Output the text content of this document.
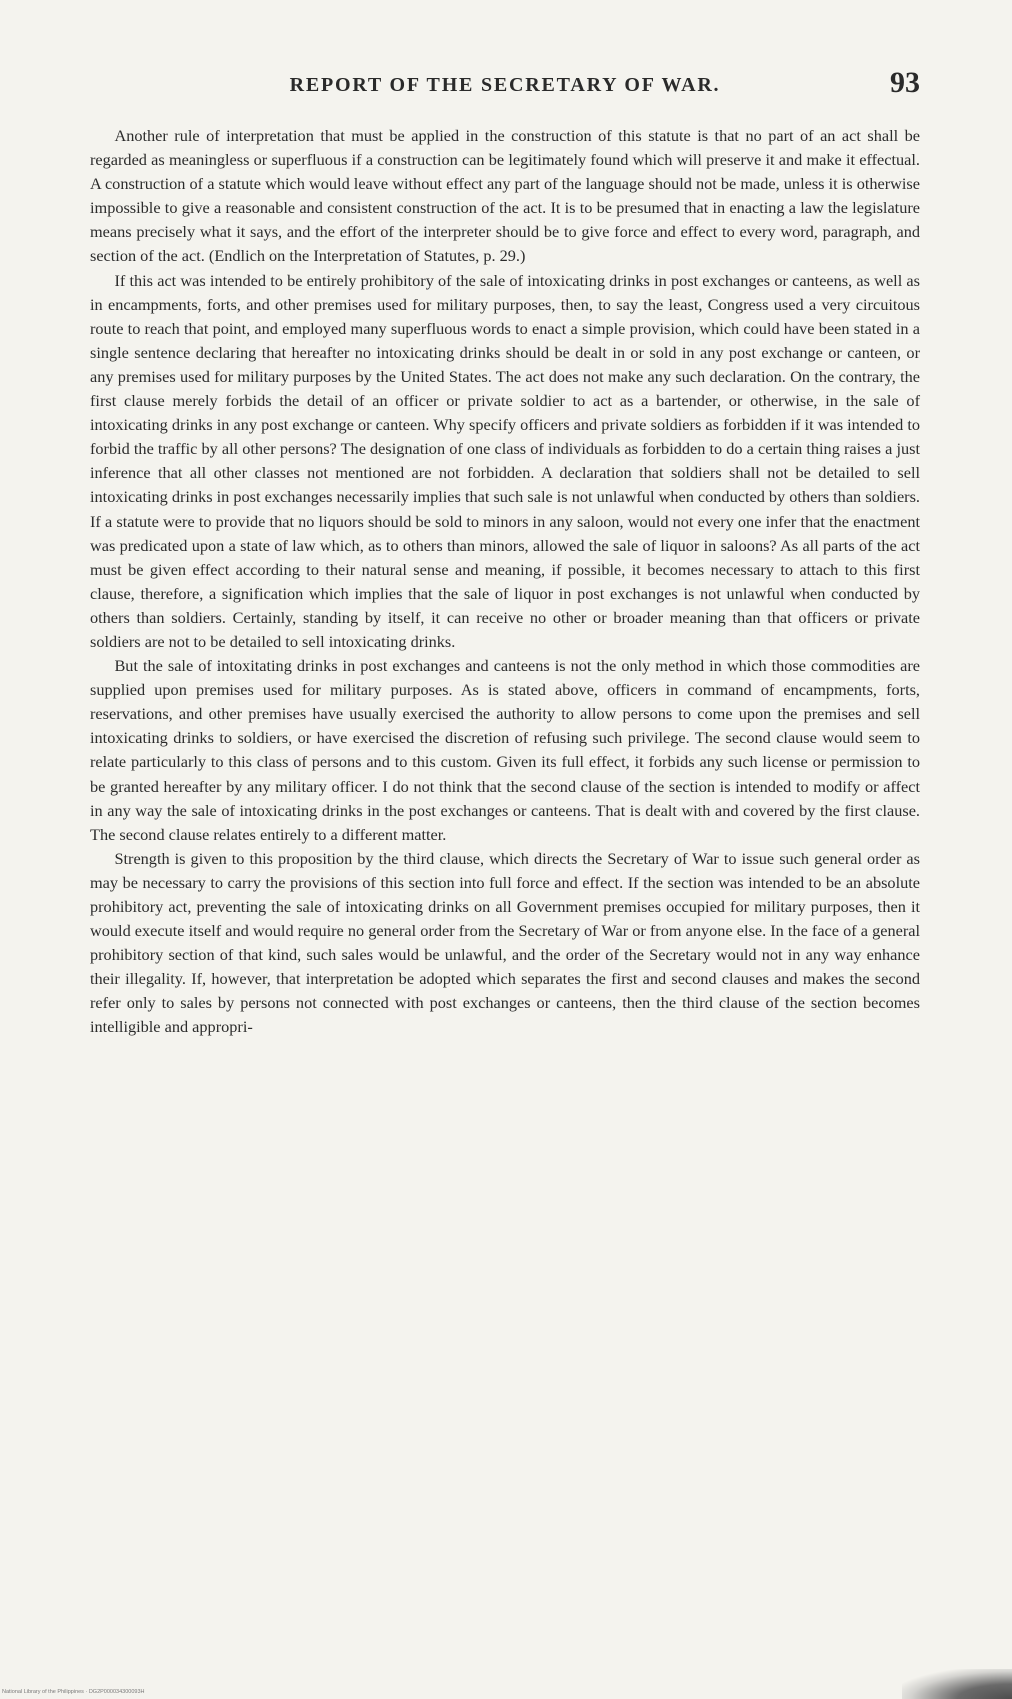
REPORT OF THE SECRETARY OF WAR.	93

Another rule of interpretation that must be applied in the construction of this statute is that no part of an act shall be regarded as meaningless or superfluous if a construction can be legitimately found which will preserve it and make it effectual. A construction of a statute which would leave without effect any part of the language should not be made, unless it is otherwise impossible to give a reasonable and consistent construction of the act. It is to be presumed that in enacting a law the legislature means precisely what it says, and the effort of the interpreter should be to give force and effect to every word, paragraph, and section of the act. (Endlich on the Interpretation of Statutes, p. 29.)

If this act was intended to be entirely prohibitory of the sale of intoxicating drinks in post exchanges or canteens, as well as in encampments, forts, and other premises used for military purposes, then, to say the least, Congress used a very circuitous route to reach that point, and employed many superfluous words to enact a simple provision, which could have been stated in a single sentence declaring that hereafter no intoxicating drinks should be dealt in or sold in any post exchange or canteen, or any premises used for military purposes by the United States. The act does not make any such declaration. On the contrary, the first clause merely forbids the detail of an officer or private soldier to act as a bartender, or otherwise, in the sale of intoxicating drinks in any post exchange or canteen. Why specify officers and private soldiers as forbidden if it was intended to forbid the traffic by all other persons? The designation of one class of individuals as forbidden to do a certain thing raises a just inference that all other classes not mentioned are not forbidden. A declaration that soldiers shall not be detailed to sell intoxicating drinks in post exchanges necessarily implies that such sale is not unlawful when conducted by others than soldiers. If a statute were to provide that no liquors should be sold to minors in any saloon, would not every one infer that the enactment was predicated upon a state of law which, as to others than minors, allowed the sale of liquor in saloons? As all parts of the act must be given effect according to their natural sense and meaning, if possible, it becomes necessary to attach to this first clause, therefore, a signification which implies that the sale of liquor in post exchanges is not unlawful when conducted by others than soldiers. Certainly, standing by itself, it can receive no other or broader meaning than that officers or private soldiers are not to be detailed to sell intoxicating drinks.

But the sale of intoxitating drinks in post exchanges and canteens is not the only method in which those commodities are supplied upon premises used for military purposes. As is stated above, officers in command of encampments, forts, reservations, and other premises have usually exercised the authority to allow persons to come upon the premises and sell intoxicating drinks to soldiers, or have exercised the discretion of refusing such privilege. The second clause would seem to relate particularly to this class of persons and to this custom. Given its full effect, it forbids any such license or permission to be granted hereafter by any military officer. I do not think that the second clause of the section is intended to modify or affect in any way the sale of intoxicating drinks in the post exchanges or canteens. That is dealt with and covered by the first clause. The second clause relates entirely to a different matter.

Strength is given to this proposition by the third clause, which directs the Secretary of War to issue such general order as may be necessary to carry the provisions of this section into full force and effect. If the section was intended to be an absolute prohibitory act, preventing the sale of intoxicating drinks on all Government premises occupied for military purposes, then it would execute itself and would require no general order from the Secretary of War or from anyone else. In the face of a general prohibitory section of that kind, such sales would be unlawful, and the order of the Secretary would not in any way enhance their illegality. If, however, that interpretation be adopted which separates the first and second clauses and makes the second refer only to sales by persons not connected with post exchanges or canteens, then the third clause of the section becomes intelligible and appropri-

National Library of the Philippines · DG2P000034300093H
